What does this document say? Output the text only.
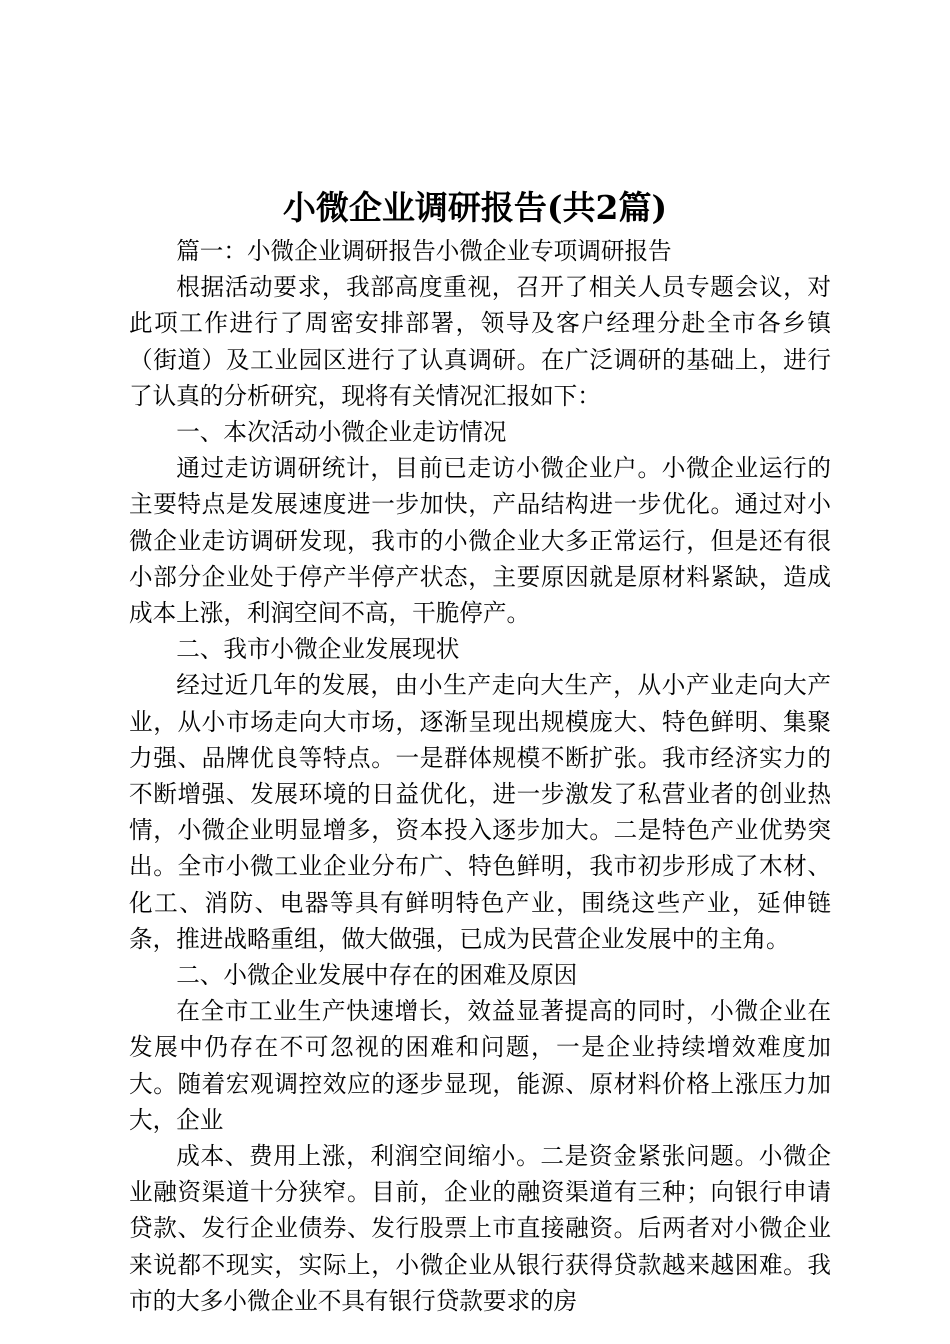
小微企业调研报告(共2篇)

篇一：小微企业调研报告小微企业专项调研报告

根据活动要求，我部高度重视，召开了相关人员专题会议，对此项工作进行了周密安排部署，领导及客户经理分赴全市各乡镇（街道）及工业园区进行了认真调研。在广泛调研的基础上，进行了认真的分析研究，现将有关情况汇报如下：

一、本次活动小微企业走访情况

通过走访调研统计，目前已走访小微企业户。小微企业运行的主要特点是发展速度进一步加快，产品结构进一步优化。通过对小微企业走访调研发现，我市的小微企业大多正常运行，但是还有很小部分企业处于停产半停产状态，主要原因就是原材料紧缺，造成成本上涨，利润空间不高，干脆停产。

二、我市小微企业发展现状

经过近几年的发展，由小生产走向大生产，从小产业走向大产业，从小市场走向大市场，逐渐呈现出规模庞大、特色鲜明、集聚力强、品牌优良等特点。一是群体规模不断扩张。我市经济实力的不断增强、发展环境的日益优化，进一步激发了私营业者的创业热情，小微企业明显增多，资本投入逐步加大。二是特色产业优势突出。全市小微工业企业分布广、特色鲜明，我市初步形成了木材、化工、消防、电器等具有鲜明特色产业，围绕这些产业，延伸链条，推进战略重组，做大做强，已成为民营企业发展中的主角。

二、小微企业发展中存在的困难及原因

在全市工业生产快速增长，效益显著提高的同时，小微企业在发展中仍存在不可忽视的困难和问题，一是企业持续增效难度加大。随着宏观调控效应的逐步显现，能源、原材料价格上涨压力加大，企业

成本、费用上涨，利润空间缩小。二是资金紧张问题。小微企业融资渠道十分狭窄。目前，企业的融资渠道有三种；向银行申请贷款、发行企业债券、发行股票上市直接融资。后两者对小微企业来说都不现实，实际上，小微企业从银行获得贷款越来越困难。我市的大多小微企业不具有银行贷款要求的房
